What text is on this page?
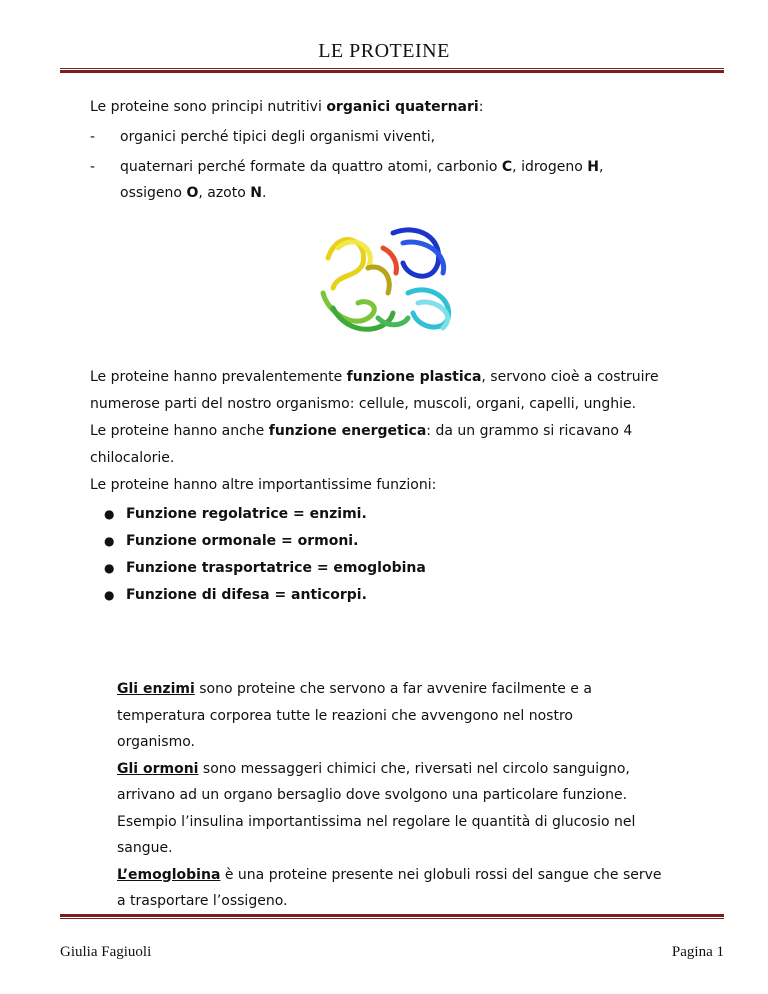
LE PROTEINE
Le proteine sono principi nutritivi organici quaternari:
-	organici perché tipici degli organismi viventi,
-	quaternari perché formate da quattro atomi, carbonio C, idrogeno H,
ossigeno O, azoto N.
Le proteine hanno prevalentemente funzione plastica, servono cioè a costruire
numerose parti del nostro organismo: cellule, muscoli, organi, capelli, unghie.
Le proteine hanno anche funzione energetica: da un grammo si ricavano 4
chilocalorie.
Le proteine hanno altre importantissime funzioni:
● Funzione regolatrice = enzimi.
● Funzione ormonale = ormoni.
● Funzione trasportatrice = emoglobina
● Funzione di difesa = anticorpi.
Gli enzimi sono proteine che servono a far avvenire facilmente e a
temperatura corporea tutte le reazioni che avvengono nel nostro
organismo.
Gli ormoni sono messaggeri chimici che, riversati nel circolo sanguigno,
arrivano ad un organo bersaglio dove svolgono una particolare funzione.
Esempio l’insulina importantissima nel regolare le quantità di glucosio nel
sangue.
L’emoglobina è una proteine presente nei globuli rossi del sangue che serve
a trasportare l’ossigeno.
Giulia Fagiuoli	Pagina 1
